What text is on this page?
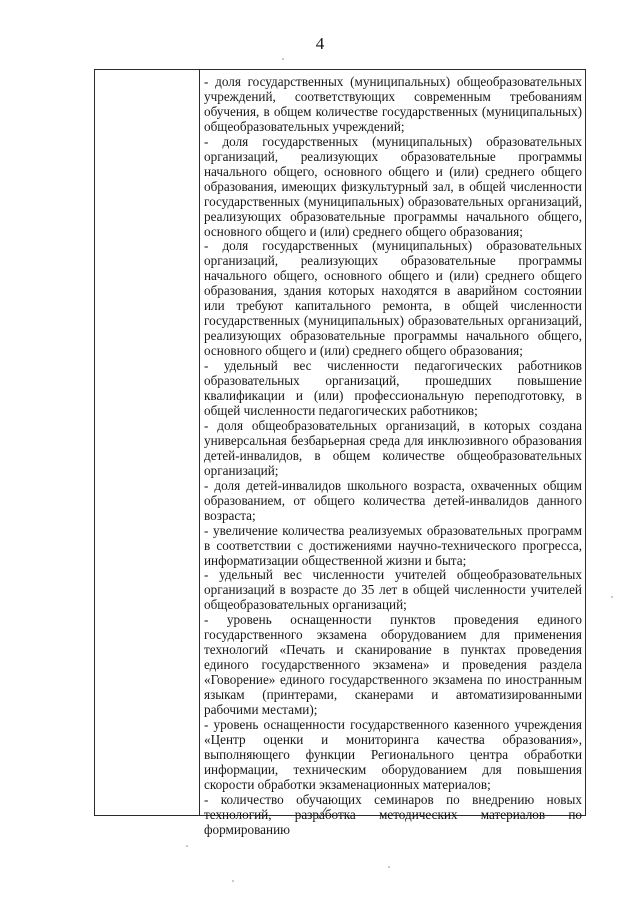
4

- доля государственных (муниципальных) общеобразовательных учреждений, соответствующих современным требованиям обучения, в общем количестве государственных (муниципальных) общеобразовательных учреждений;

- доля государственных (муниципальных) образовательных организаций, реализующих образовательные программы начального общего, основного общего и (или) среднего общего образования, имеющих физкультурный зал, в общей численности государственных (муниципальных) образовательных организаций, реализующих образовательные программы начального общего, основного общего и (или) среднего общего образования;

- доля государственных (муниципальных) образовательных организаций, реализующих образовательные программы начального общего, основного общего и (или) среднего общего образования, здания которых находятся в аварийном состоянии или требуют капитального ремонта, в общей численности государственных (муниципальных) образовательных организаций, реализующих образовательные программы начального общего, основного общего и (или) среднего общего образования;

- удельный вес численности педагогических работников образовательных организаций, прошедших повышение квалификации и (или) профессиональную переподготовку, в общей численности педагогических работников;

- доля общеобразовательных организаций, в которых создана универсальная безбарьерная среда для инклюзивного образования детей-инвалидов, в общем количестве общеобразовательных организаций;

- доля детей-инвалидов школьного возраста, охваченных общим образованием, от общего количества детей-инвалидов данного возраста;

- увеличение количества реализуемых образовательных программ в соответствии с достижениями научно-технического прогресса, информатизации общественной жизни и быта;

- удельный вес численности учителей общеобразовательных организаций в возрасте до 35 лет в общей численности учителей общеобразовательных организаций;

- уровень оснащенности пунктов проведения единого государственного экзамена оборудованием для применения технологий «Печать и сканирование в пунктах проведения единого государственного экзамена» и проведения раздела «Говорение» единого государственного экзамена по иностранным языкам (принтерами, сканерами и автоматизированными рабочими местами);

- уровень оснащенности государственного казенного учреждения «Центр оценки и мониторинга качества образования», выполняющего функции Регионального центра обработки информации, техническим оборудованием для повышения скорости обработки экзаменационных материалов;

- количество обучающих семинаров по внедрению новых технологий, разработка методических материалов по формированию
